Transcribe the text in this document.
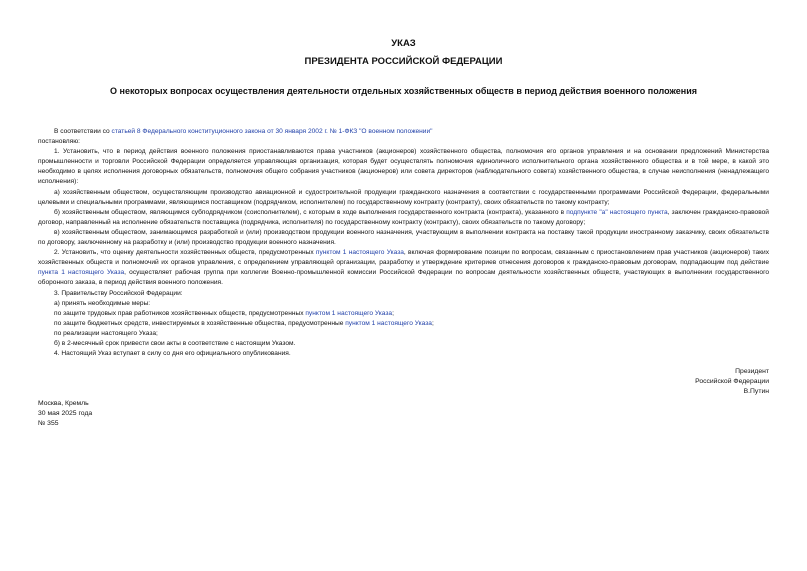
УКАЗ
ПРЕЗИДЕНТА РОССИЙСКОЙ ФЕДЕРАЦИИ
О некоторых вопросах осуществления деятельности отдельных хозяйственных обществ в период действия военного положения

В соответствии со статьей 8 Федерального конституционного закона от 30 января 2002 г. № 1-ФКЗ "О военном положении"

постановляю:

1. Установить, что в период действия военного положения приостанавливаются права участников (акционеров) хозяйственного общества, полномочия его органов управления и на основании предложений Министерства промышленности и торговли Российской Федерации определяется управляющая организация, которая будет осуществлять полномочия единоличного исполнительного органа хозяйственного общества и в той мере, в какой это необходимо в целях исполнения договорных обязательств, полномочия общего собрания участников (акционеров) или совета директоров (наблюдательного совета) хозяйственного общества, в случае неисполнения (ненадлежащего исполнения):

а) хозяйственным обществом, осуществляющим производство авиационной и судостроительной продукции гражданского назначения в соответствии с государственными программами Российской Федерации, федеральными целевыми и специальными программами, являющимся поставщиком (подрядчиком, исполнителем) по государственному контракту (контракту), своих обязательств по такому контракту;

б) хозяйственным обществом, являющимся субподрядчиком (соисполнителем), с которым в ходе выполнения государственного контракта (контракта), указанного в подпункте "а" настоящего пункта, заключен гражданско-правовой договор, направленный на исполнение обязательств поставщика (подрядчика, исполнителя) по государственному контракту (контракту), своих обязательств по такому договору;

в) хозяйственным обществом, занимающимся разработкой и (или) производством продукции военного назначения, участвующим в выполнении контракта на поставку такой продукции иностранному заказчику, своих обязательств по договору, заключенному на разработку и (или) производство продукции военного назначения.

2. Установить, что оценку деятельности хозяйственных обществ, предусмотренных пунктом 1 настоящего Указа, включая формирование позиции по вопросам, связанным с приостановлением прав участников (акционеров) таких хозяйственных обществ и полномочий их органов управления, с определением управляющей организации, разработку и утверждение критериев отнесения договоров к гражданско-правовым договорам, подпадающим под действие пункта 1 настоящего Указа, осуществляет рабочая группа при коллегии Военно-промышленной комиссии Российской Федерации по вопросам деятельности хозяйственных обществ, участвующих в выполнении государственного оборонного заказа, в период действия военного положения.

3. Правительству Российской Федерации:

а) принять необходимые меры:

по защите трудовых прав работников хозяйственных обществ, предусмотренных пунктом 1 настоящего Указа;

по защите бюджетных средств, инвестируемых в хозяйственные общества, предусмотренные пунктом 1 настоящего Указа;

по реализации настоящего Указа;

б) в 2-месячный срок привести свои акты в соответствие с настоящим Указом.

4. Настоящий Указ вступает в силу со дня его официального опубликования.

Президент
Российской Федерации
В.Путин
Москва, Кремль
30 мая 2025 года
№ 355
